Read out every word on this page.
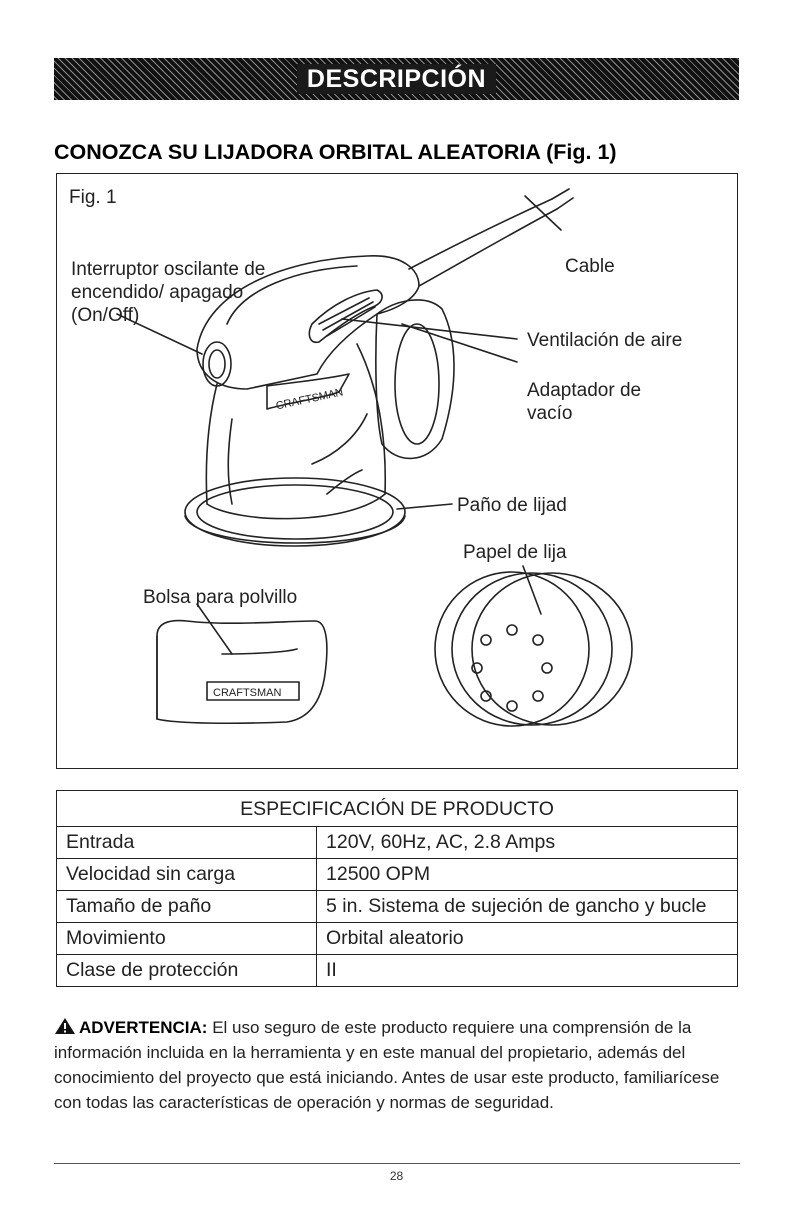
DESCRIPCIÓN
CONOZCA SU LIJADORA ORBITAL ALEATORIA (Fig. 1)
CRAFTSMAN
CRAFTSMAN
Fig. 1
Interruptor oscilante de encendido/ apagado (On/Off)
Cable
Ventilación de aire
Adaptador de vacío
Paño de lijad
Papel de lija
Bolsa para polvillo
ESPECIFICACIÓN DE PRODUCTO	
Entrada	120V, 60Hz, AC, 2.8 Amps
Velocidad sin carga	12500 OPM
Tamaño de paño	5 in. Sistema de sujeción de gancho y bucle
Movimiento	Orbital aleatorio
Clase de protección	II
ADVERTENCIA: El uso seguro de este producto requiere una comprensión de la información incluida en la herramienta y en este manual del propietario, además del conocimiento del proyecto que está iniciando. Antes de usar este producto, familiarícese con todas las características de operación y normas de seguridad.
28
